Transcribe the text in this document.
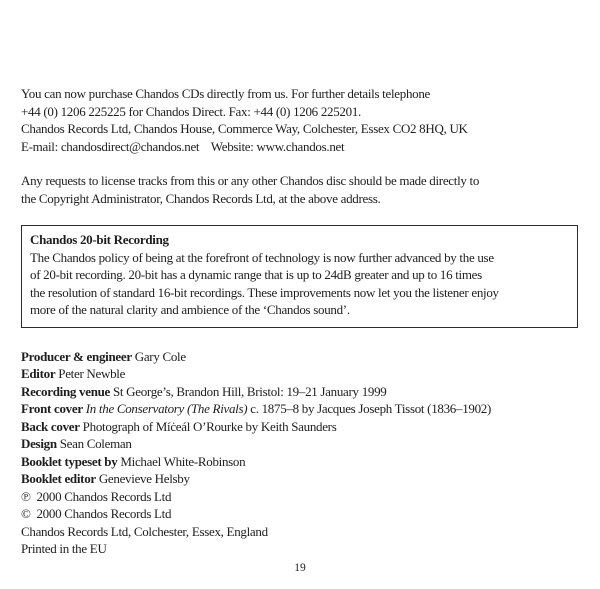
You can now purchase Chandos CDs directly from us. For further details telephone
+44 (0) 1206 225225 for Chandos Direct. Fax: +44 (0) 1206 225201.
Chandos Records Ltd, Chandos House, Commerce Way, Colchester, Essex CO2 8HQ, UK
E-mail: chandosdirect@chandos.net    Website: www.chandos.net
Any requests to license tracks from this or any other Chandos disc should be made directly to
the Copyright Administrator, Chandos Records Ltd, at the above address.
Chandos 20-bit Recording
The Chandos policy of being at the forefront of technology is now further advanced by the use
of 20-bit recording. 20-bit has a dynamic range that is up to 24dB greater and up to 16 times
the resolution of standard 16-bit recordings. These improvements now let you the listener enjoy
more of the natural clarity and ambience of the ‘Chandos sound’.
Producer & engineer Gary Cole
Editor Peter Newble
Recording venue St George’s, Brandon Hill, Bristol: 19–21 January 1999
Front cover In the Conservatory (The Rivals) c. 1875–8 by Jacques Joseph Tissot (1836–1902)
Back cover Photograph of Míċeál O’Rourke by Keith Saunders
Design Sean Coleman
Booklet typeset by Michael White-Robinson
Booklet editor Genevieve Helsby
℗  2000 Chandos Records Ltd
©  2000 Chandos Records Ltd
Chandos Records Ltd, Colchester, Essex, England
Printed in the EU
19
